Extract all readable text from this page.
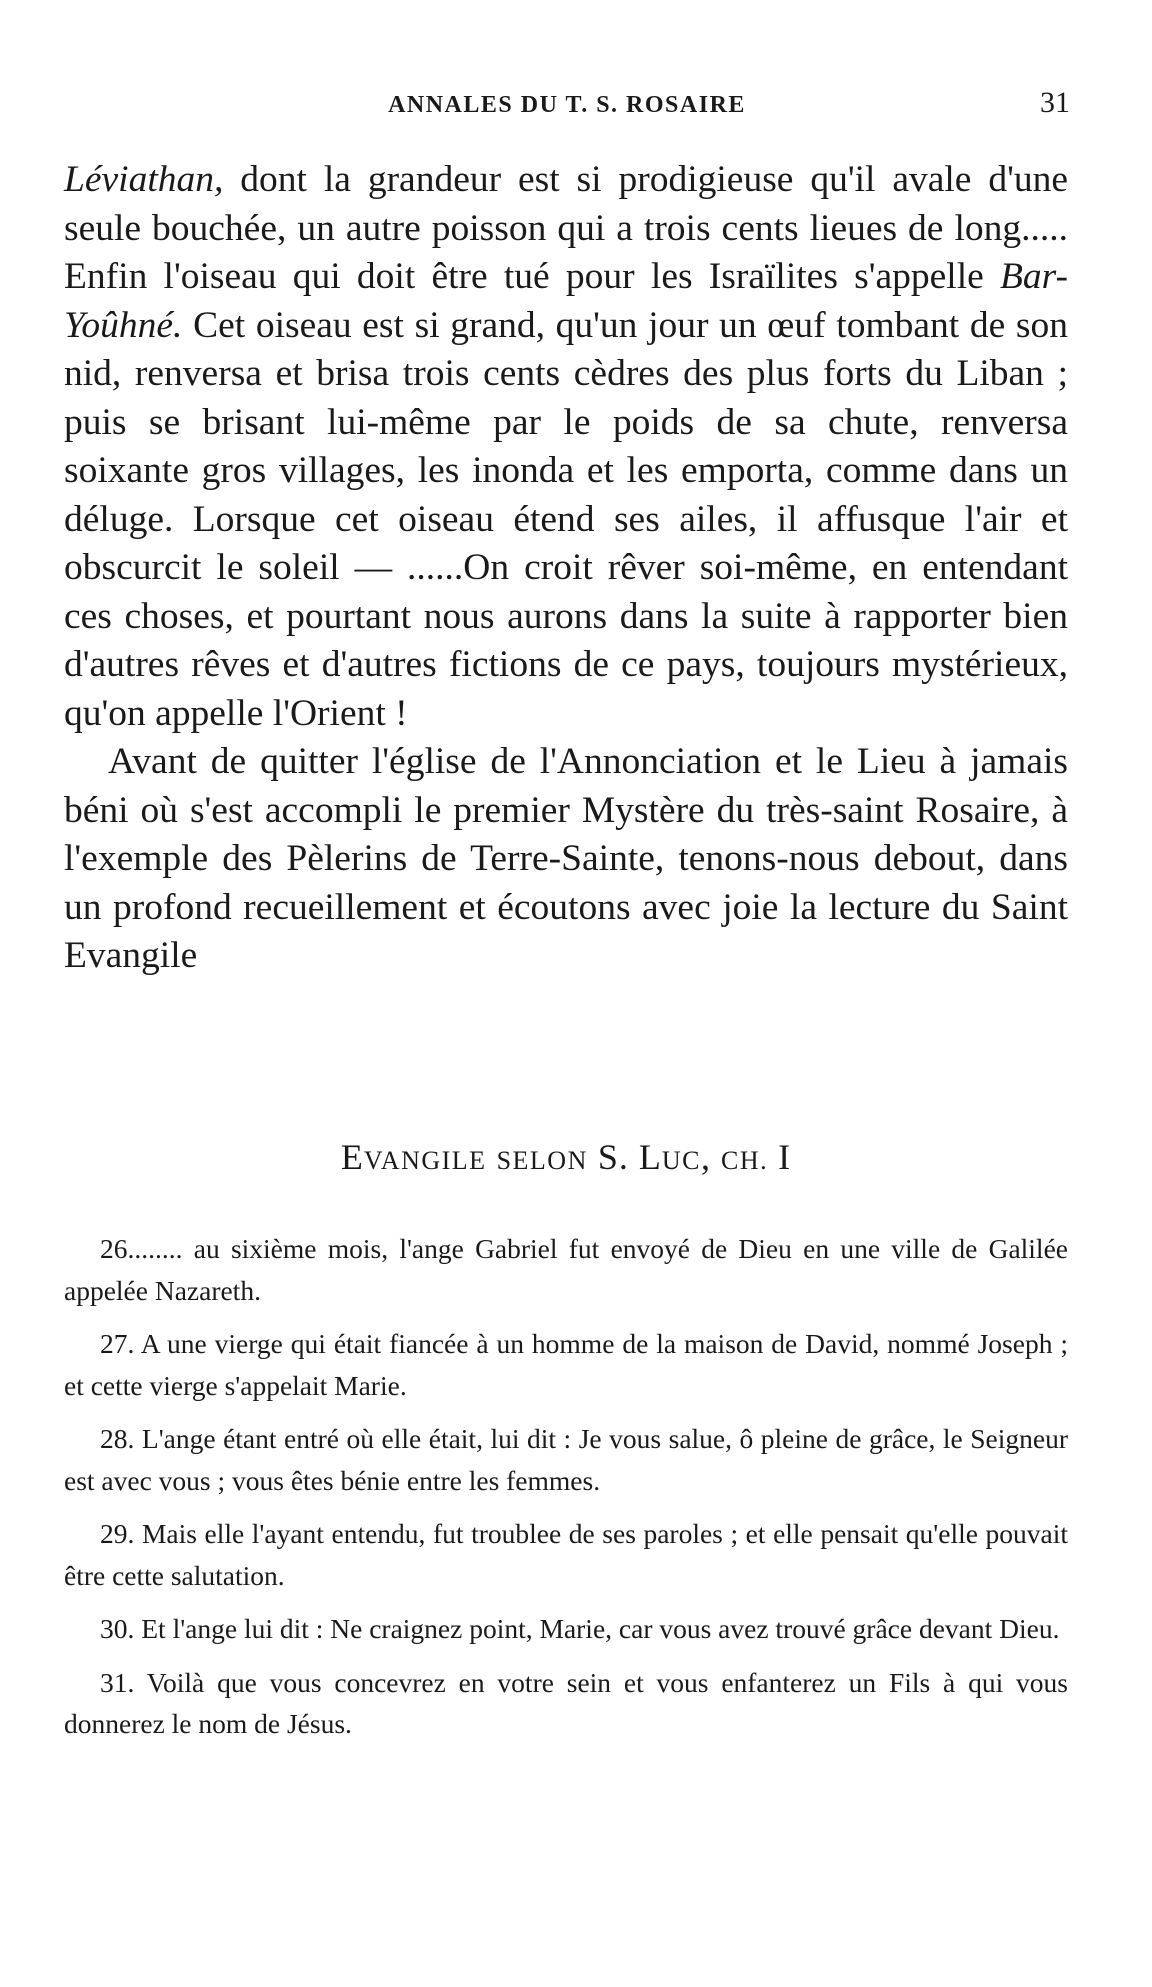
ANNALES DU T. S. ROSAIRE	31

Léviathan, dont la grandeur est si prodigieuse qu'il avale d'une seule bouchée, un autre poisson qui a trois cents lieues de long..... Enfin l'oiseau qui doit être tué pour les Israïlites s'appelle Bar-Yoûhné. Cet oiseau est si grand, qu'un jour un œuf tombant de son nid, renversa et brisa trois cents cèdres des plus forts du Liban ; puis se brisant lui-même par le poids de sa chute, renversa soixante gros villages, les inonda et les emporta, comme dans un déluge. Lorsque cet oiseau étend ses ailes, il affusque l'air et obscurcit le soleil — ......On croit rêver soi-même, en entendant ces choses, et pourtant nous aurons dans la suite à rapporter bien d'autres rêves et d'autres fictions de ce pays, toujours mystérieux, qu'on appelle l'Orient !

Avant de quitter l'église de l'Annonciation et le Lieu à jamais béni où s'est accompli le premier Mystère du très-saint Rosaire, à l'exemple des Pèlerins de Terre-Sainte, tenons-nous debout, dans un profond recueillement et écoutons avec joie la lecture du Saint Evangile

EVANGILE SELON S. LUC, CH. I

26........ au sixième mois, l'ange Gabriel fut envoyé de Dieu en une ville de Galilée appelée Nazareth.

27. A une vierge qui était fiancée à un homme de la maison de David, nommé Joseph ; et cette vierge s'appelait Marie.

28. L'ange étant entré où elle était, lui dit : Je vous salue, ô pleine de grâce, le Seigneur est avec vous ; vous êtes bénie entre les femmes.

29. Mais elle l'ayant entendu, fut troublee de ses paroles ; et elle pensait qu'elle pouvait être cette salutation.

30. Et l'ange lui dit : Ne craignez point, Marie, car vous avez trouvé grâce devant Dieu.

31. Voilà que vous concevrez en votre sein et vous enfanterez un Fils à qui vous donnerez le nom de Jésus.
